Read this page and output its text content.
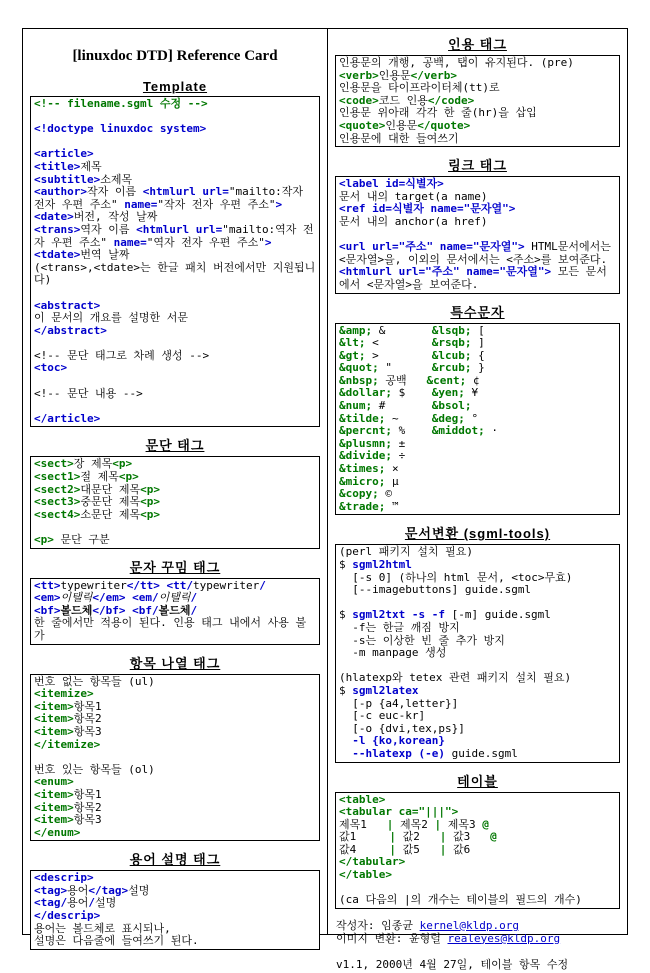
[linuxdoc DTD] Reference Card
Template
<!-- filename.sgml 수정 -->

<!doctype linuxdoc system>

<article>
<title>제목
<subtitle>소제목
<author>작자 이름 <htmlurl url="mailto:작자 전자 우편 주소" name="작자 전자 우편 주소">
<date>버전, 작성 날짜
<trans>역자 이름 <htmlurl url="mailto:역자 전자 우편 주소" name="역자 전자 우편 주소">
<tdate>번역 날짜
(<trans>,<tdate>는 한글 패치 버전에서만 지원됩니다)

<abstract>
이 문서의 개요를 설명한 서문
</abstract>

<!-- 문단 태그로 차례 생성 -->
<toc>

<!-- 문단 내용 -->

</article>
문단 태그
<sect>장 제목<p>
<sect1>절 제목<p>
<sect2>대문단 제목<p>
<sect3>중문단 제목<p>
<sect4>소문단 제목<p>

<p> 문단 구분
문자 꾸밈 태그
<tt>typewriter</tt> <tt/typewriter/
<em>이탤릭</em> <em/이탤릭/
<bf>볼드체</bf> <bf/볼드체/
한 줄에서만 적용이 된다. 인용 태그 내에서 사용 불가
항목 나열 태그
번호 없는 항목들 (ul)
<itemize>
<item>항목1
<item>항목2
<item>항목3
</itemize>

번호 있는 항목들 (ol)
<enum>
<item>항목1
<item>항목2
<item>항목3
</enum>
용어 설명 태그
<descrip>
<tag>용어</tag>설명
<tag/용어/설명
</descrip>
용어는 볼드체로 표시되나,
설명은 다음줄에 들여쓰기 된다.
인용 태그
인용문의 개행, 공백, 탭이 유지된다. (pre)
<verb>인용문</verb>
인용문을 타이프라이터체(tt)로
<code>코드 인용</code>
인용문 위아래 각각 한 줄(hr)을 삽입
<quote>인용문</quote>
인용문에 대한 들여쓰기
링크 태그
<label id=식별자>
문서 내의 target(a name)
<ref id=식별자 name="문자열">
문서 내의 anchor(a href)

<url url="주소" name="문자열"> HTML문서에서는 <문자열>을, 이외의 문서에서는 <주소>를 보여준다.
<htmlurl url="주소" name="문자열"> 모든 문서에서 <문자열>을 보여준다.
특수문자
&amp; &       &lsqb; [
&lt; <        &rsqb; ]
&gt; >        &lcub; {
&quot; "      &rcub; }
&nbsp; 공백   &cent; ¢
&dollar; $    &yen; ¥
&num; #       &bsol;
&tilde; ~     &deg; °
&percnt; %    &middot; ·
&plusmn; ±
&divide; ÷
&times; ×
&micro; µ
&copy; ©
&trade; ™
문서변환 (sgml-tools)
(perl 패키지 설치 필요)
$ sgml2html
[-s 0] (하나의 html 문서, <toc>무효)
[--imagebuttons] guide.sgml

$ sgml2txt -s -f [-m] guide.sgml
-f는 한글 깨짐 방지
-s는 이상한 빈 줄 추가 방지
-m manpage 생성

(hlatexp와 tetex 관련 패키지 설치 필요)
$ sgml2latex
[-p {a4,letter}]
[-c euc-kr]
[-o {dvi,tex,ps}]
-l {ko,korean}
--hlatexp (-e) guide.sgml
테이블
<table>
<tabular ca="|||">
제목1   | 제목2 | 제목3 @
값1     | 값2   | 값3   @
값4     | 값5   | 값6
</tabular>
</table>

(ca 다음의 |의 개수는 테이블의 필드의 개수)
작성자: 임종균 kernel@kldp.org
이미지 변환: 윤형렬 realeyes@kldp.org

v1.1, 2000년 4월 27일, 테이블 항목 수정
